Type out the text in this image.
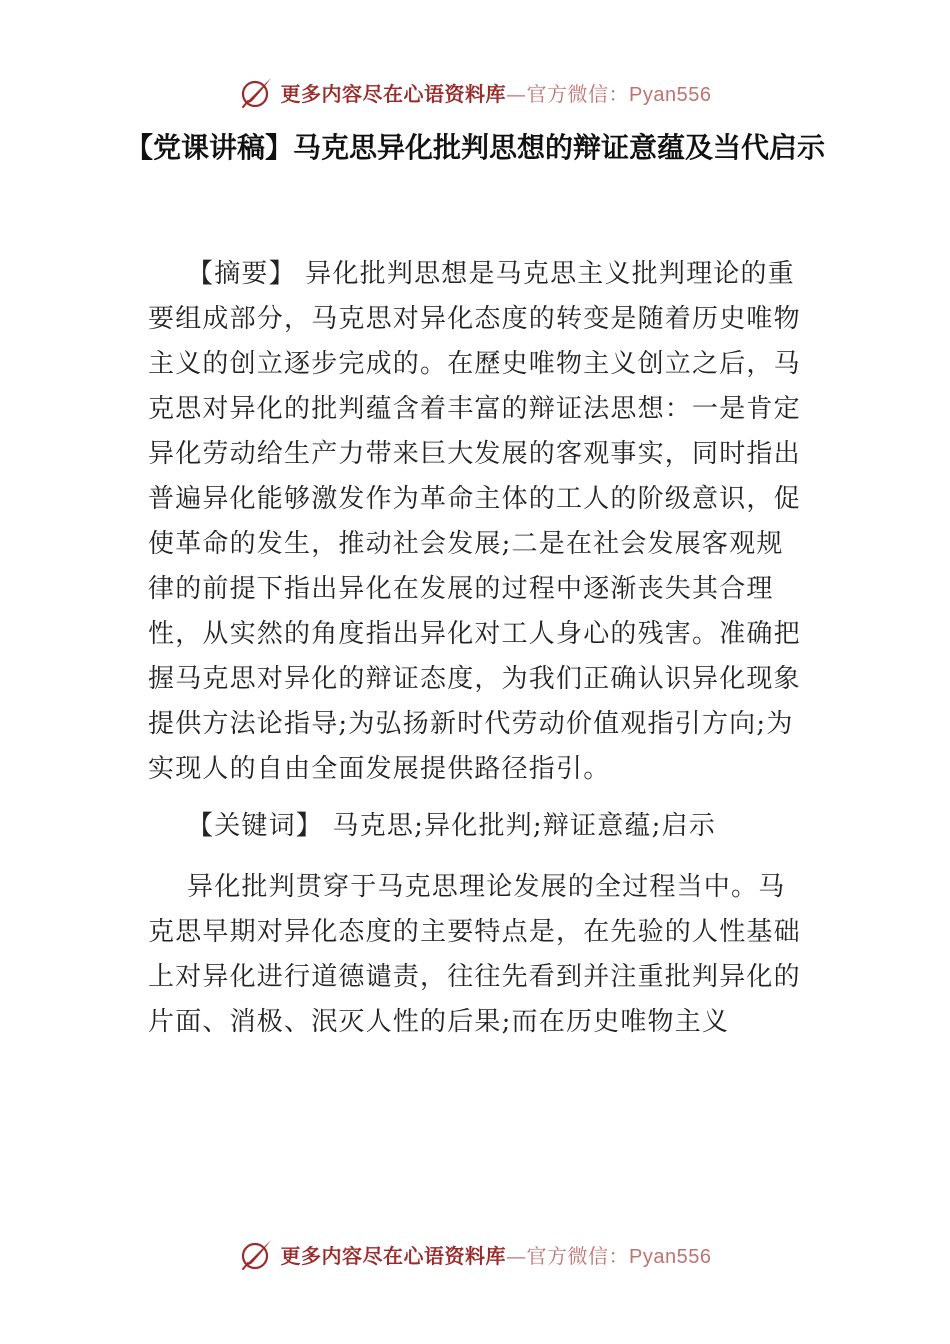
更多内容尽在心语资料库—官方微信：Pyan556
【党课讲稿】马克思异化批判思想的辩证意蕴及当代启示

【摘要】 异化批判思想是马克思主义批判理论的重要组成部分，马克思对异化态度的转变是随着历史唯物主义的创立逐步完成的。在歷史唯物主义创立之后，马克思对异化的批判蕴含着丰富的辩证法思想：一是肯定异化劳动给生产力带来巨大发展的客观事实，同时指出普遍异化能够激发作为革命主体的工人的阶级意识，促使革命的发生，推动社会发展;二是在社会发展客观规律的前提下指出异化在发展的过程中逐渐丧失其合理性，从实然的角度指出异化对工人身心的残害。准确把握马克思对异化的辩证态度，为我们正确认识异化现象提供方法论指导;为弘扬新时代劳动价值观指引方向;为实现人的自由全面发展提供路径指引。

【关键词】 马克思;异化批判;辩证意蕴;启示

异化批判贯穿于马克思理论发展的全过程当中。马克思早期对异化态度的主要特点是，在先验的人性基础上对异化进行道德谴责，往往先看到并注重批判异化的片面、消极、泯灭人性的后果;而在历史唯物主义

更多内容尽在心语资料库—官方微信：Pyan556
